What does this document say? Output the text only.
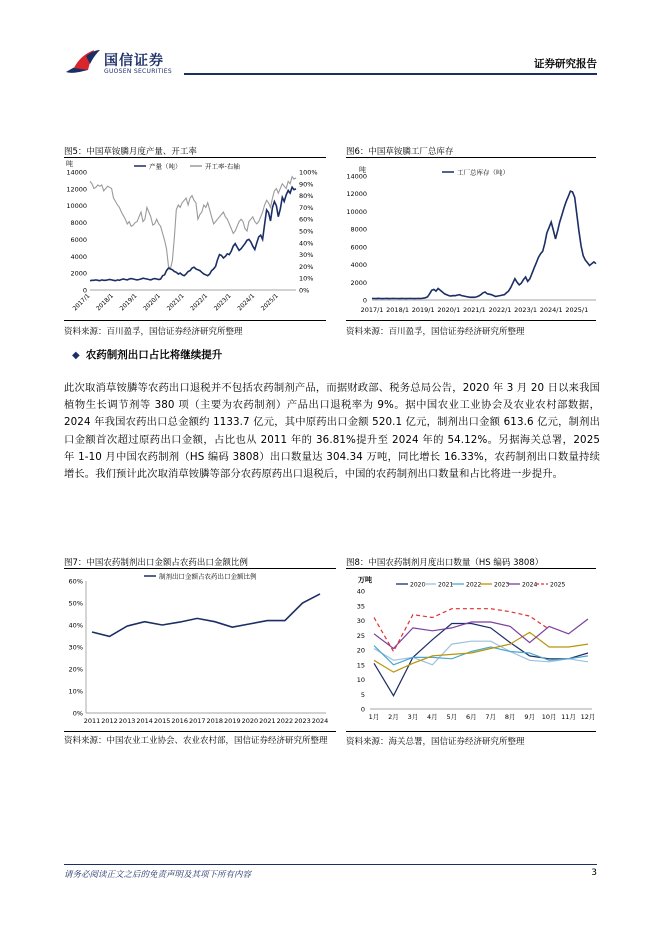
国信证券
GUOSEN SECURITIES
证券研究报告
图5：中国草铵膦月度产量、开工率
吨
0
2000
4000
6000
8000
10000
12000
14000
0%
10%
20%
30%
40%
50%
60%
70%
80%
90%
100%
2017/1 2018/1 2019/1 2020/1 2021/1 2022/1 2023/1 2024/1 2025/1
产量（吨）	开工率-右轴
资料来源：百川盈孚，国信证券经济研究所整理
图6：中国草铵膦工厂总库存
吨
0
2000
4000
6000
8000
10000
12000
14000
2017/1 2018/1 2019/1 2020/1 2021/1 2022/1 2023/1 2024/1 2025/1
工厂总库存（吨）
资料来源：百川盈孚，国信证券经济研究所整理
◆ 农药制剂出口占比将继续提升
此次取消草铵膦等农药出口退税并不包括农药制剂产品，而据财政部、税务总局公告，2020 年 3 月 20 日以来我国植物生长调节剂等 380 项（主要为农药制剂）产品出口退税率为 9%。据中国农业工业协会及农业农村部数据，2024 年我国农药出口总金额约 1133.7 亿元，其中原药出口金额 520.1 亿元，制剂出口金额 613.6 亿元，制剂出口金额首次超过原药出口金额，占比也从 2011 年的 36.81%提升至 2024 年的 54.12%。另据海关总署，2025 年 1-10 月中国农药制剂（HS 编码 3808）出口数量达 304.34 万吨，同比增长 16.33%，农药制剂出口数量持续增长。我们预计此次取消草铵膦等部分农药原药出口退税后，中国的农药制剂出口数量和占比将进一步提升。
图7：中国农药制剂出口金额占农药出口金额比例
0%
10%
20%
30%
40%
50%
60%
2011 2012 2013 2014 2015 2016 2017 2018 2019 2020 2021 2022 2023 2024
制剂出口金额占农药出口金额比例
资料来源：中国农业工业协会、农业农村部，国信证券经济研究所整理
图8：中国农药制剂月度出口数量（HS 编码 3808）
万吨
0
5
10
15
20
25
30
35
40
1月 2月 3月 4月 5月 6月 7月 8月 9月 10月 11月 12月
2020 2021 2022 2023 2024 2025
资料来源：海关总署，国信证券经济研究所整理
请务必阅读正文之后的免责声明及其项下所有内容	3
